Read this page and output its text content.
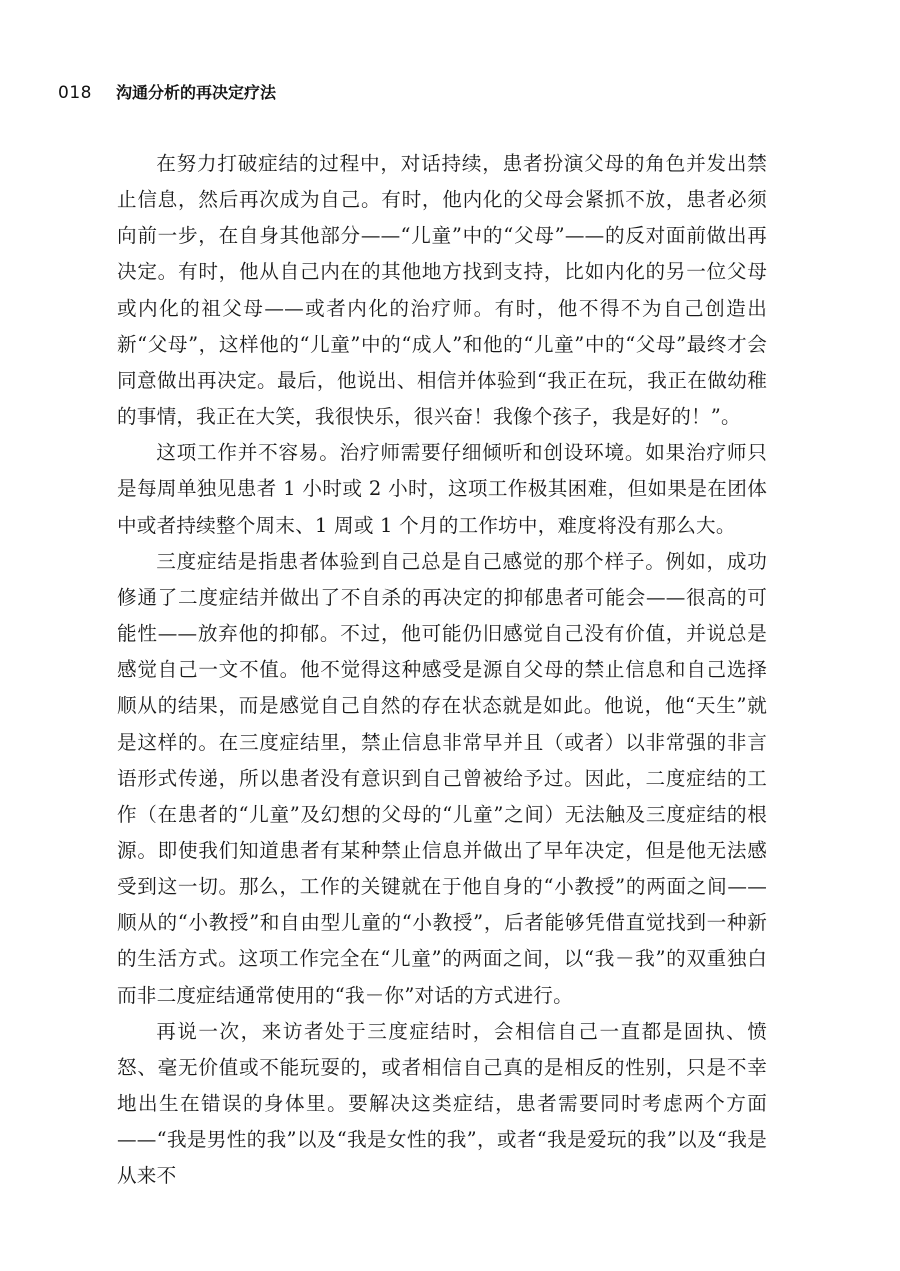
018	沟通分析的再决定疗法

在努力打破症结的过程中，对话持续，患者扮演父母的角色并发出禁止信息，然后再次成为自己。有时，他内化的父母会紧抓不放，患者必须向前一步，在自身其他部分——“儿童”中的“父母”——的反对面前做出再决定。有时，他从自己内在的其他地方找到支持，比如内化的另一位父母或内化的祖父母——或者内化的治疗师。有时，他不得不为自己创造出新“父母”，这样他的“儿童”中的“成人”和他的“儿童”中的“父母”最终才会同意做出再决定。最后，他说出、相信并体验到“我正在玩，我正在做幼稚的事情，我正在大笑，我很快乐，很兴奋！我像个孩子，我是好的！”。

这项工作并不容易。治疗师需要仔细倾听和创设环境。如果治疗师只是每周单独见患者 1 小时或 2 小时，这项工作极其困难，但如果是在团体中或者持续整个周末、1 周或 1 个月的工作坊中，难度将没有那么大。

三度症结是指患者体验到自己总是自己感觉的那个样子。例如，成功修通了二度症结并做出了不自杀的再决定的抑郁患者可能会——很高的可能性——放弃他的抑郁。不过，他可能仍旧感觉自己没有价值，并说总是感觉自己一文不值。他不觉得这种感受是源自父母的禁止信息和自己选择顺从的结果，而是感觉自己自然的存在状态就是如此。他说，他“天生”就是这样的。在三度症结里，禁止信息非常早并且（或者）以非常强的非言语形式传递，所以患者没有意识到自己曾被给予过。因此，二度症结的工作（在患者的“儿童”及幻想的父母的“儿童”之间）无法触及三度症结的根源。即使我们知道患者有某种禁止信息并做出了早年决定，但是他无法感受到这一切。那么，工作的关键就在于他自身的“小教授”的两面之间——顺从的“小教授”和自由型儿童的“小教授”，后者能够凭借直觉找到一种新的生活方式。这项工作完全在“儿童”的两面之间，以“我－我”的双重独白而非二度症结通常使用的“我－你”对话的方式进行。

再说一次，来访者处于三度症结时，会相信自己一直都是固执、愤怒、毫无价值或不能玩耍的，或者相信自己真的是相反的性别，只是不幸地出生在错误的身体里。要解决这类症结，患者需要同时考虑两个方面——“我是男性的我”以及“我是女性的我”，或者“我是爱玩的我”以及“我是从来不
